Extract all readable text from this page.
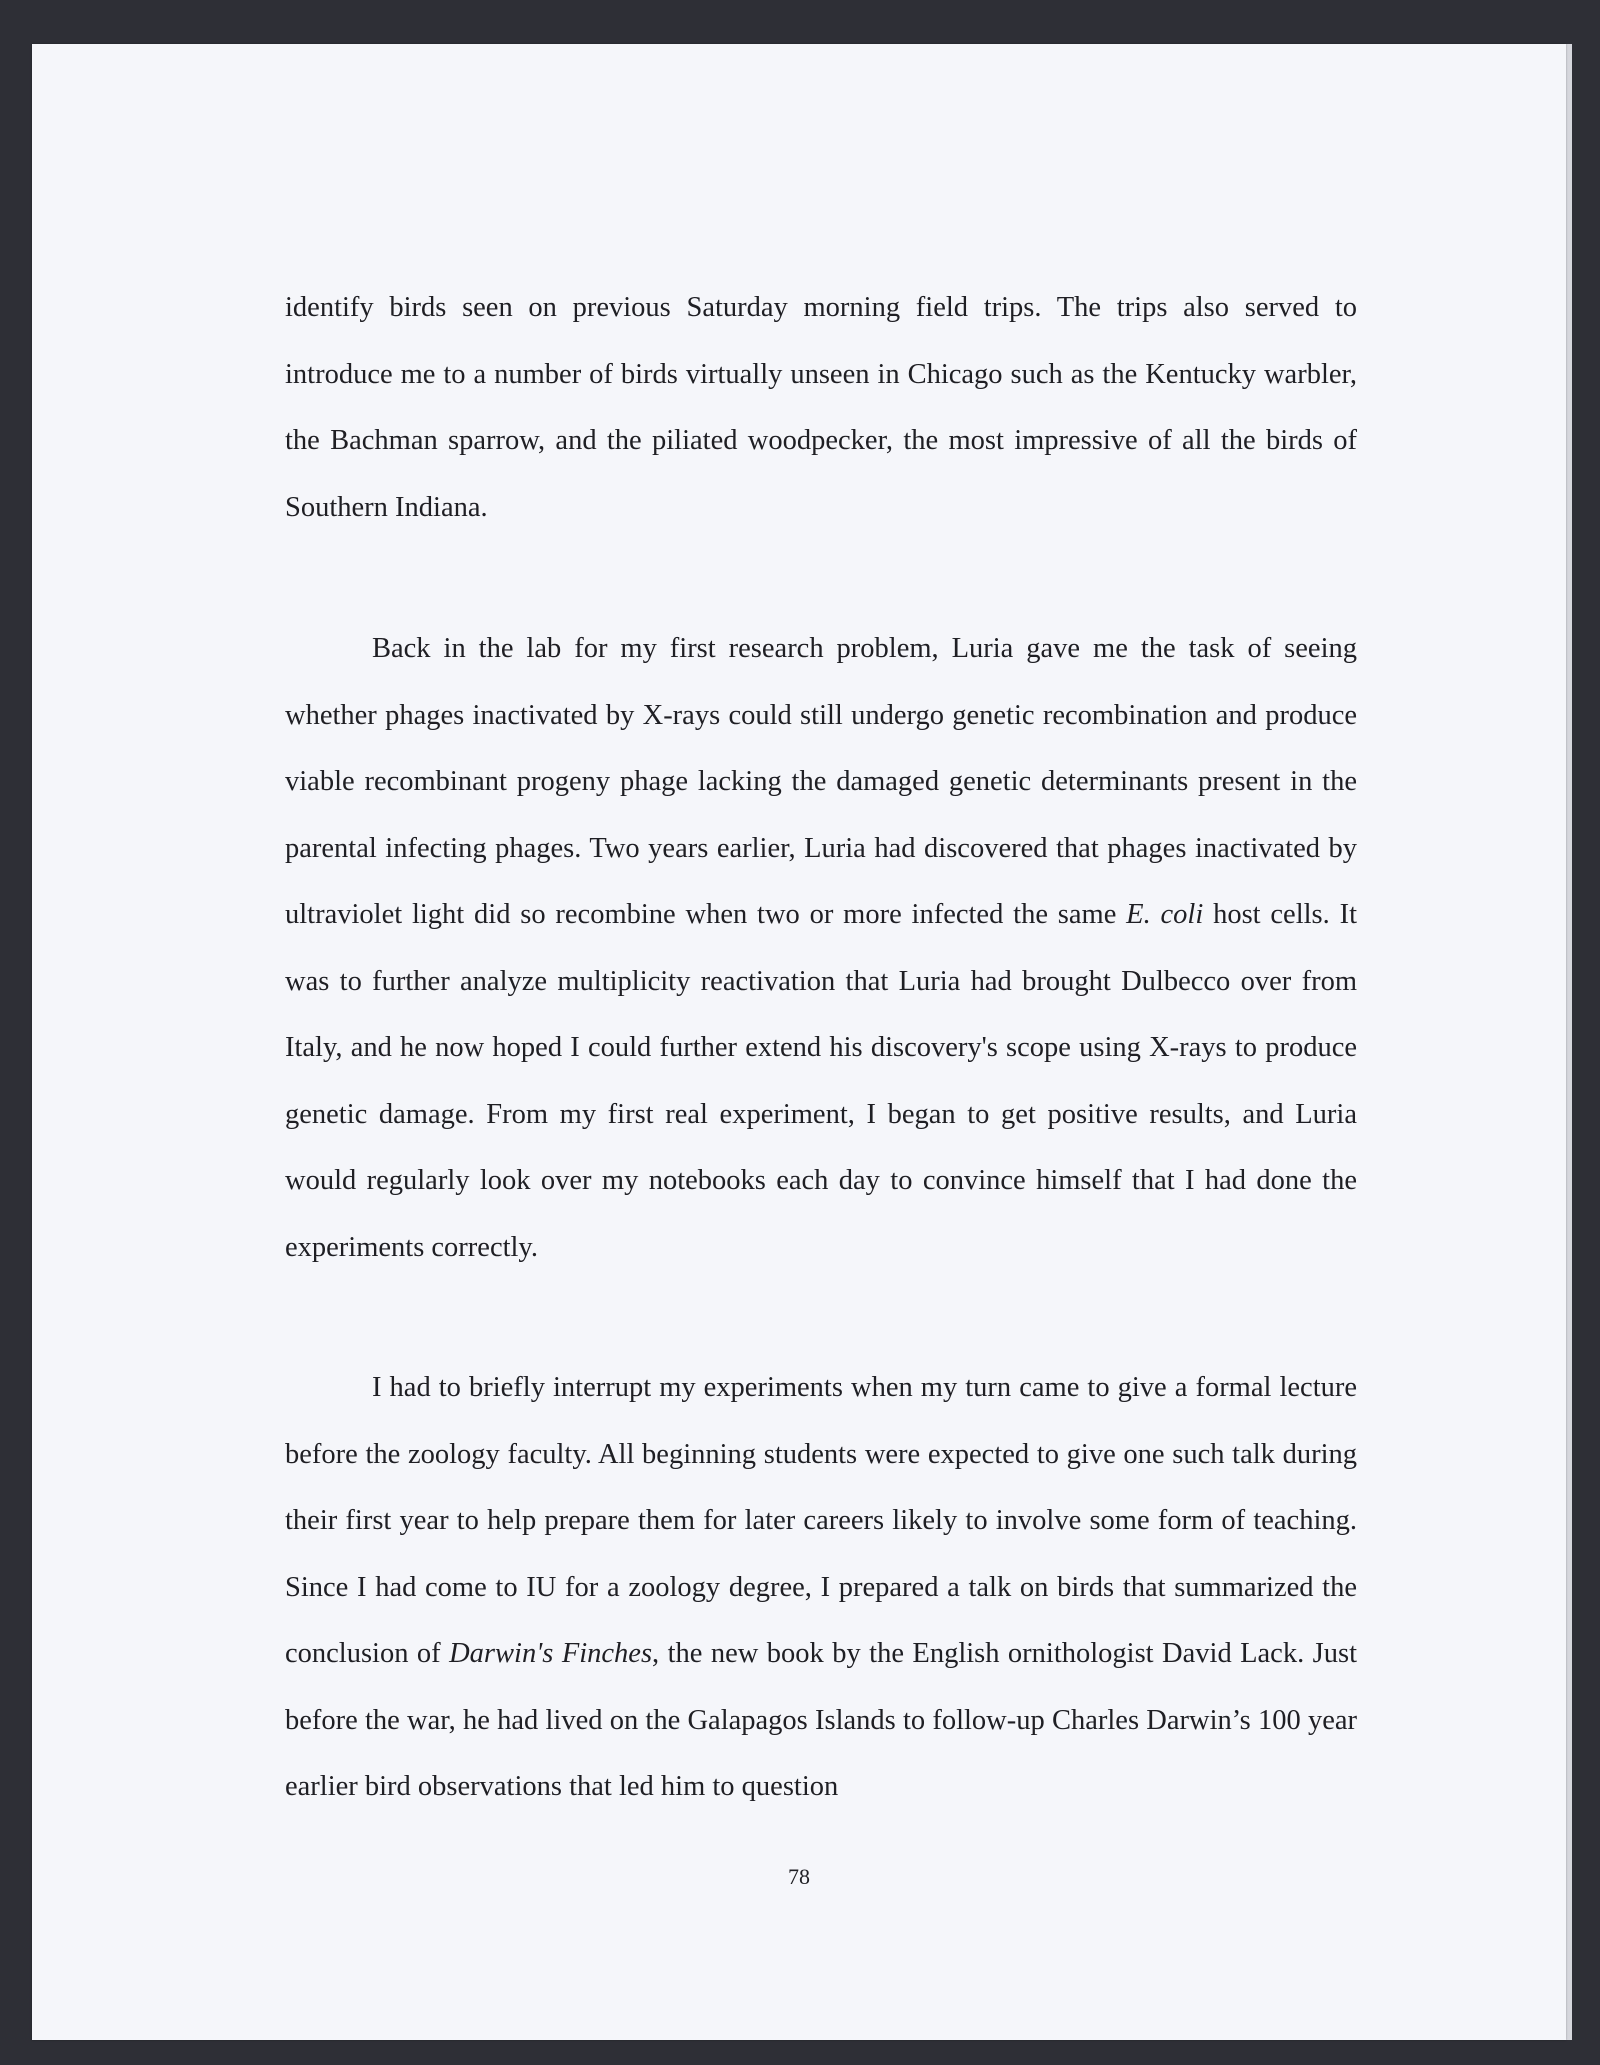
identify birds seen on previous Saturday morning field trips. The trips also served to introduce me to a number of birds virtually unseen in Chicago such as the Kentucky warbler, the Bachman sparrow, and the piliated woodpecker, the most impressive of all the birds of Southern Indiana.

Back in the lab for my first research problem, Luria gave me the task of seeing whether phages inactivated by X-rays could still undergo genetic recombination and produce viable recombinant progeny phage lacking the damaged genetic determinants present in the parental infecting phages. Two years earlier, Luria had discovered that phages inactivated by ultraviolet light did so recombine when two or more infected the same E. coli host cells. It was to further analyze multiplicity reactivation that Luria had brought Dulbecco over from Italy, and he now hoped I could further extend his discovery's scope using X-rays to produce genetic damage. From my first real experiment, I began to get positive results, and Luria would regularly look over my notebooks each day to convince himself that I had done the experiments correctly.

I had to briefly interrupt my experiments when my turn came to give a formal lecture before the zoology faculty. All beginning students were expected to give one such talk during their first year to help prepare them for later careers likely to involve some form of teaching. Since I had come to IU for a zoology degree, I prepared a talk on birds that summarized the conclusion of Darwin's Finches, the new book by the English ornithologist David Lack. Just before the war, he had lived on the Galapagos Islands to follow-up Charles Darwin’s 100 year earlier bird observations that led him to question

78
